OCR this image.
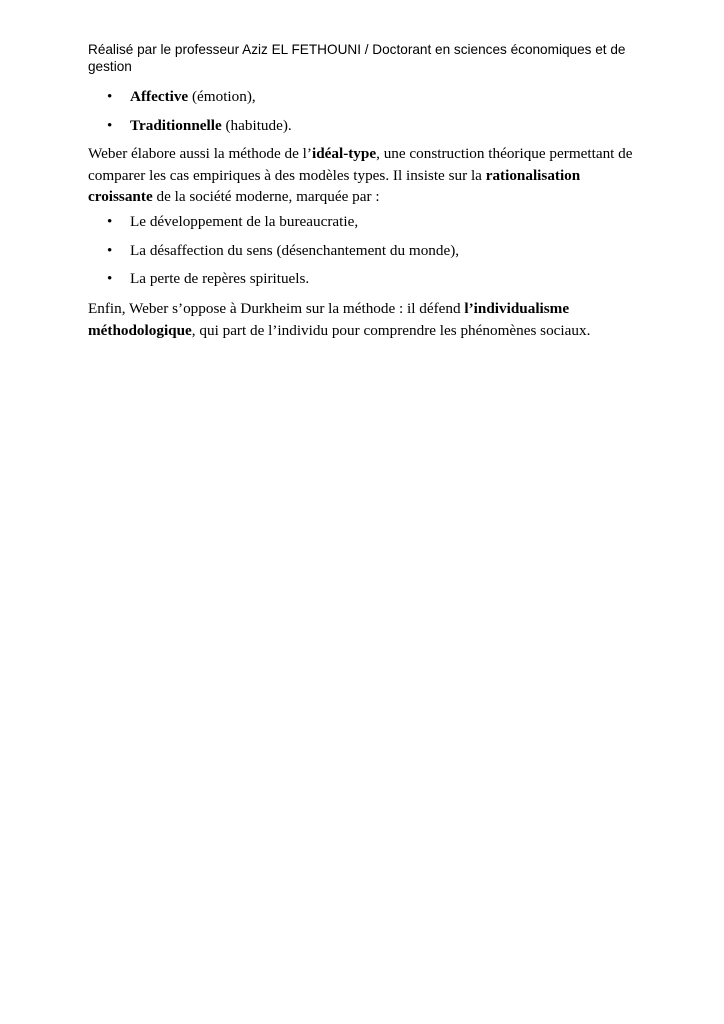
Réalisé par le professeur Aziz EL FETHOUNI / Doctorant en sciences économiques et de gestion

• Affective (émotion),
• Traditionnelle (habitude).

Weber élabore aussi la méthode de l’idéal-type, une construction théorique permettant de comparer les cas empiriques à des modèles types. Il insiste sur la rationalisation croissante de la société moderne, marquée par :

• Le développement de la bureaucratie,
• La désaffection du sens (désenchantement du monde),
• La perte de repères spirituels.

Enfin, Weber s’oppose à Durkheim sur la méthode : il défend l’individualisme méthodologique, qui part de l’individu pour comprendre les phénomènes sociaux.
